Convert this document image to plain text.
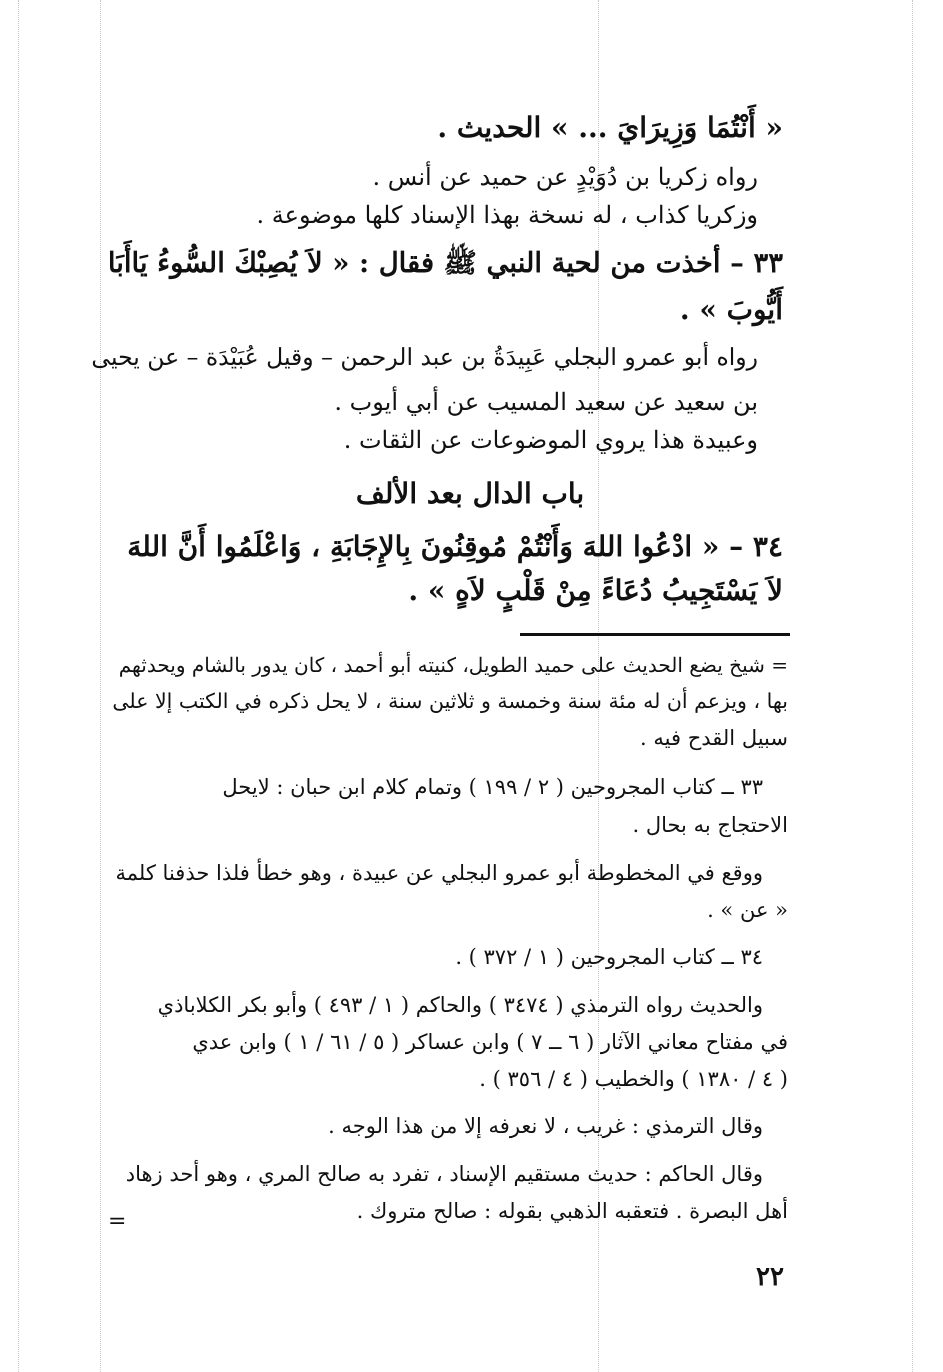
« أَنْتُمَا وَزِيرَايَ ... » الحديث .
رواه زكريا بن دُوَيْدٍ عن حميد عن أنس .
وزكريا كذاب ، له نسخة بهذا الإسناد كلها موضوعة .
٣٣ – أخذت من لحية النبي ﷺ فقال : « لاَ يُصِبْكَ السُّوءُ يَاأَبَا
أَيُّوبَ » .
رواه أبو عمرو البجلي عَبِيدَةُ بن عبد الرحمن – وقيل عُبَيْدَة – عن يحيى
بن سعيد عن سعيد المسيب عن أبي أيوب .
وعبيدة هذا يروي الموضوعات عن الثقات .
باب الدال بعد الألف
٣٤ – « ادْعُوا اللهَ وَأَنْتُمْ مُوقِنُونَ بِالإِجَابَةِ ، وَاعْلَمُوا أَنَّ اللهَ
لاَ يَسْتَجِيبُ دُعَاءً مِنْ قَلْبٍ لاَهٍ » .
= شيخ يضع الحديث على حميد الطويل، كنيته أبو أحمد ، كان يدور بالشام ويحدثهم
بها ، ويزعم أن له مئة سنة وخمسة و ثلاثين سنة ، لا يحل ذكره في الكتب إلا على
سبيل القدح فيه .
٣٣ ــ كتاب المجروحين ( ٢ / ١٩٩ ) وتمام كلام ابن حبان : لايحل
الاحتجاج به بحال .
ووقع في المخطوطة أبو عمرو البجلي عن عبيدة ، وهو خطأ فلذا حذفنا كلمة
« عن » .
٣٤ ــ كتاب المجروحين ( ١ / ٣٧٢ ) .
والحديث رواه الترمذي ( ٣٤٧٤ ) والحاكم ( ١ / ٤٩٣ ) وأبو بكر الكلاباذي
في مفتاح معاني الآثار ( ٦ ــ ٧ ) وابن عساكر ( ٥ / ٦١ / ١ ) وابن عدي
( ٤ / ١٣٨٠ ) والخطيب ( ٤ / ٣٥٦ ) .
وقال الترمذي : غريب ، لا نعرفه إلا من هذا الوجه .
وقال الحاكم : حديث مستقيم الإسناد ، تفرد به صالح المري ، وهو أحد زهاد
أهل البصرة . فتعقبه الذهبي بقوله : صالح متروك .
=
٢٢
